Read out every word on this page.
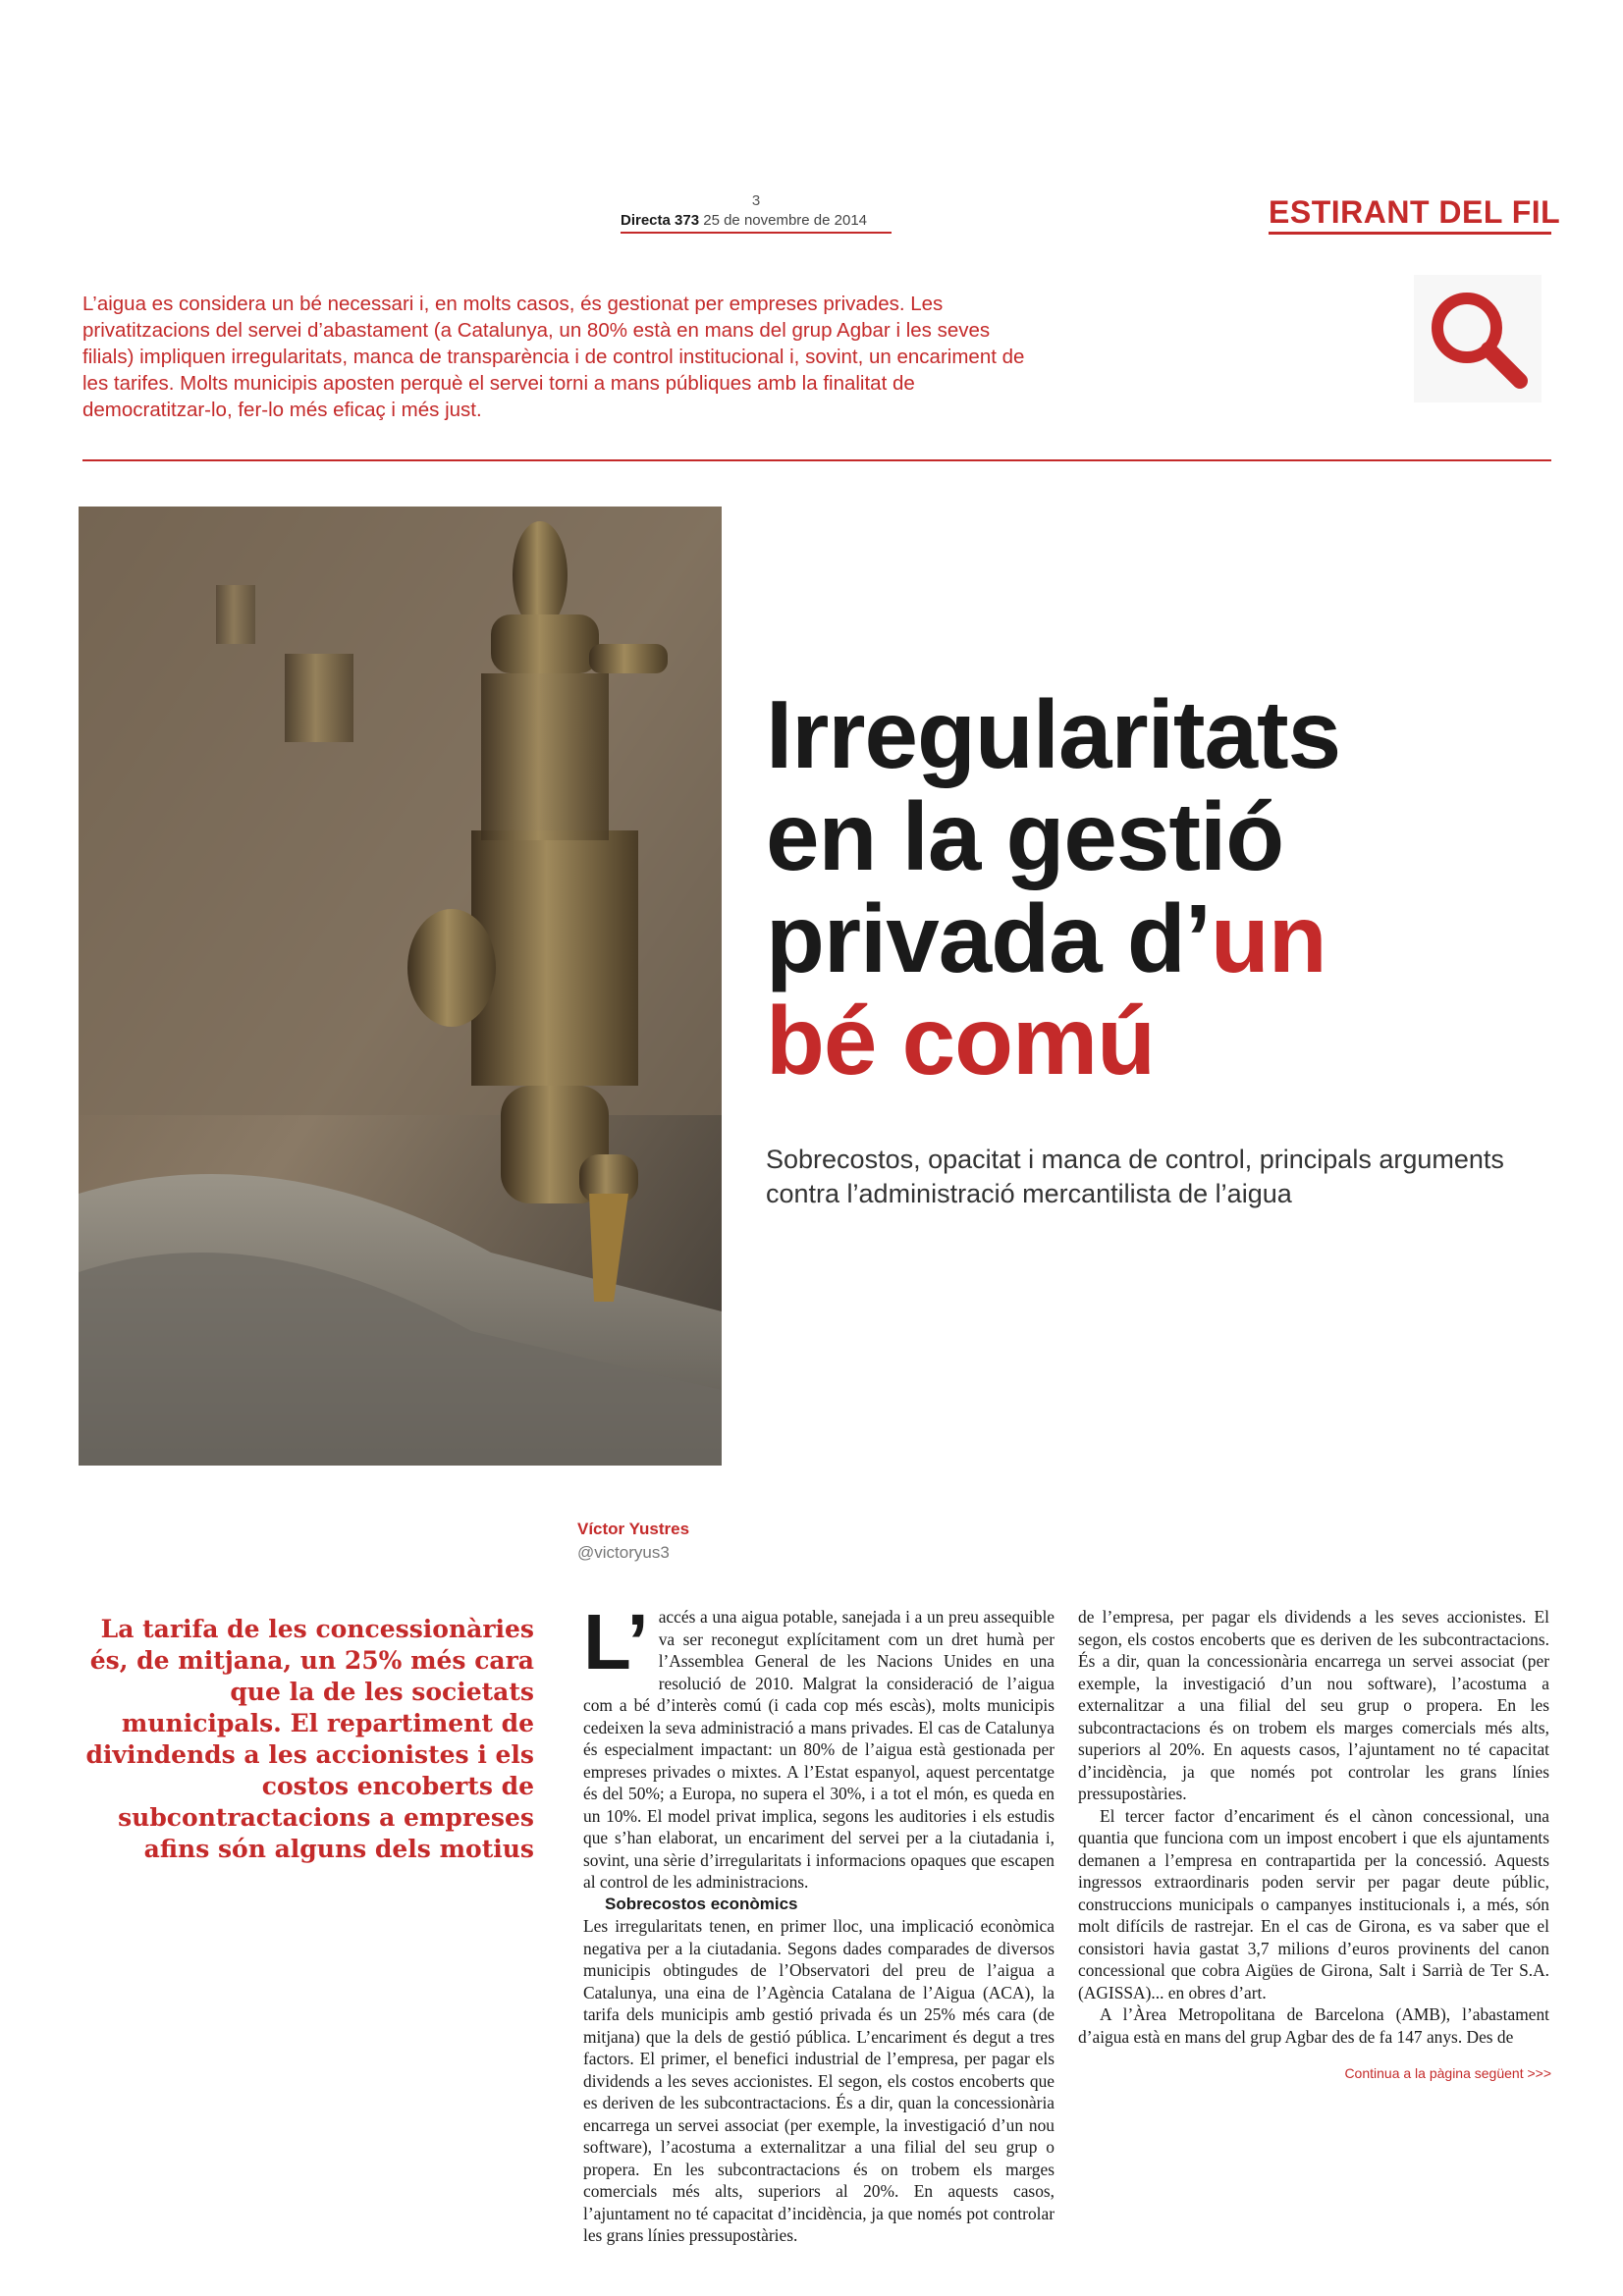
3
Directa 373 25 de novembre de 2014	ESTIRANT DEL FIL
L’aigua es considera un bé necessari i, en molts casos, és gestionat per empreses privades. Les privatitzacions del servei d’abastament (a Catalunya, un 80% està en mans del grup Agbar i les seves filials) impliquen irregularitats, manca de transparència i de control institucional i, sovint, un encariment de les tarifes. Molts municipis aposten perquè el servei torni a mans públiques amb la finalitat de democratitzar-lo, fer-lo més eficaç i més just.
Irregularitats
en la gestió
privada d’un
bé comú
Sobrecostos, opacitat i manca de control, principals arguments contra l’administració mercantilista de l’aigua
Víctor Yustres
@victoryus3
La tarifa de les concessionàries és, de mitjana, un 25% més cara que la de les societats municipals. El repartiment de divindends a les accionistes i els costos encoberts de subcontractacions a empreses afins són alguns dels motius

L’ accés a una aigua potable, sanejada i a un preu assequible va ser reconegut explícitament com un dret humà per l’Assemblea General de les Nacions Unides en una resolució de 2010. Malgrat la consideració de l’aigua com a bé d’interès comú (i cada cop més escàs), molts municipis cedeixen la seva administració a mans privades. El cas de Catalunya és especialment impactant: un 80% de l’aigua està gestionada per empreses privades o mixtes. A l’Estat espanyol, aquest percentatge és del 50%; a Europa, no supera el 30%, i a tot el món, es queda en un 10%. El model privat implica, segons les auditories i els estudis que s’han elaborat, un encariment del servei per a la ciutadania i, sovint, una sèrie d’irregularitats i informacions opaques que escapen al control de les administracions.

Sobrecostos econòmics

Les irregularitats tenen, en primer lloc, una implicació econòmica negativa per a la ciutadania. Segons dades comparades de diversos municipis obtingudes de l’Observatori del preu de l’aigua a Catalunya, una eina de l’Agència Catalana de l’Aigua (ACA), la tarifa dels municipis amb gestió privada és un 25% més cara (de mitjana) que la dels de gestió pública. L’encariment és degut a tres factors. El primer, el benefici industrial de l’empresa, per pagar els dividends a les seves accionistes. El segon, els costos encoberts que es deriven de les subcontractacions. És a dir, quan la concessionària encarrega un servei associat (per exemple, la investigació d’un nou software), l’acostuma a externalitzar a una filial del seu grup o propera. En les subcontractacions és on trobem els marges comercials més alts, superiors al 20%. En aquests casos, l’ajuntament no té capacitat d’incidència, ja que només pot controlar les grans línies pressupostàries.

de l’empresa, per pagar els dividends a les seves accionistes. El segon, els costos encoberts que es deriven de les subcontractacions. És a dir, quan la concessionària encarrega un servei associat (per exemple, la investigació d’un nou software), l’acostuma a externalitzar a una filial del seu grup o propera. En les subcontractacions és on trobem els marges comercials més alts, superiors al 20%. En aquests casos, l’ajuntament no té capacitat d’incidència, ja que només pot controlar les grans línies pressupostàries.

El tercer factor d’encariment és el cànon concessional, una quantia que funciona com un impost encobert i que els ajuntaments demanen a l’empresa en contrapartida per la concessió. Aquests ingressos extraordinaris poden servir per pagar deute públic, construccions municipals o campanyes institucionals i, a més, són molt difícils de rastrejar. En el cas de Girona, es va saber que el consistori havia gastat 3,7 milions d’euros provinents del canon concessional que cobra Aigües de Girona, Salt i Sarrià de Ter S.A. (AGISSA)... en obres d’art.

A l’Àrea Metropolitana de Barcelona (AMB), l’abastament d’aigua està en mans del grup Agbar des de fa 147 anys. Des de

Continua a la pàgina següent >>>
